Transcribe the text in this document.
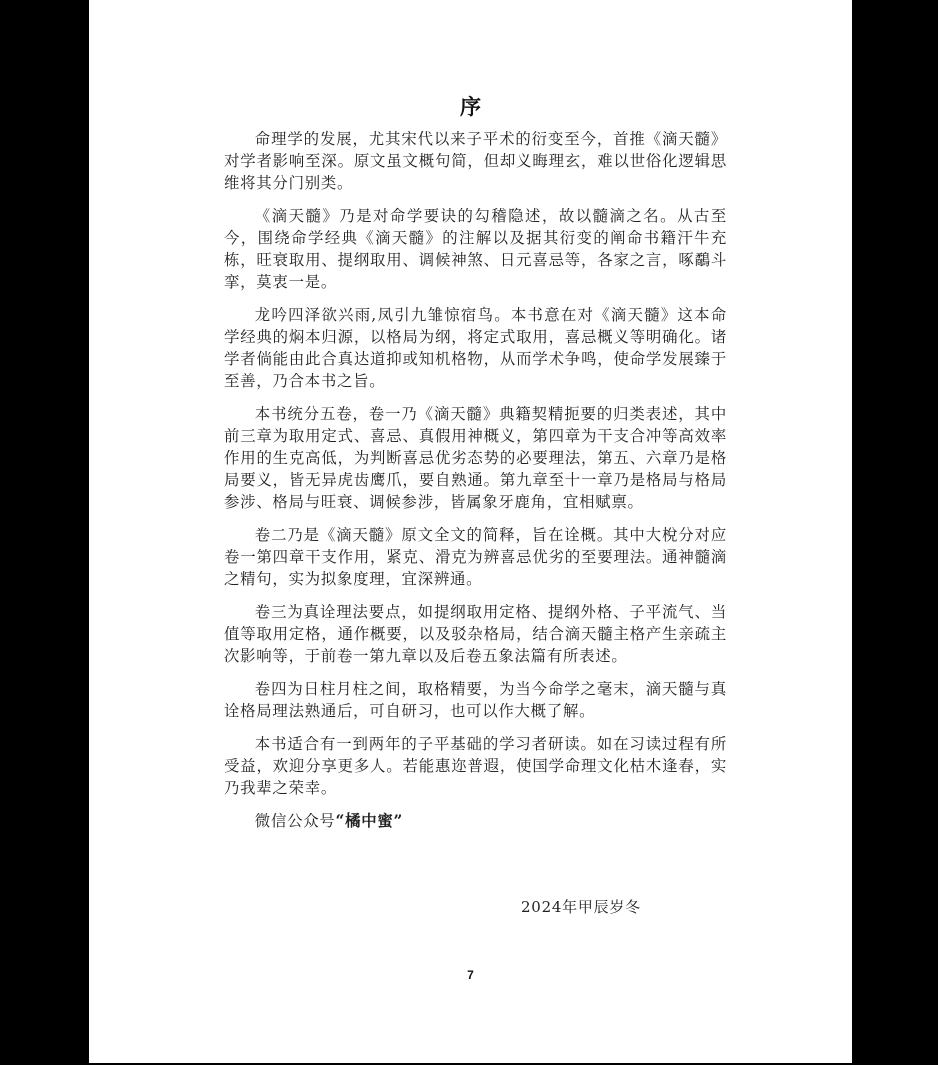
序

命理学的发展，尤其宋代以来子平术的衍变至今，首推《滴天髓》对学者影响至深。原文虽文概句简，但却义晦理玄，难以世俗化逻辑思维将其分门别类。

《滴天髓》乃是对命学要诀的勾稽隐述，故以髓滴之名。从古至今，围绕命学经典《滴天髓》的注解以及据其衍变的阐命书籍汗牛充栋，旺衰取用、提纲取用、调候神煞、日元喜忌等，各家之言，啄鷸斗挛，莫衷一是。

龙吟四泽欲兴雨,凤引九雏惊宿鸟。本书意在对《滴天髓》这本命学经典的焖本归源，以格局为纲，将定式取用，喜忌概义等明确化。诸学者倘能由此合真达道抑或知机格物，从而学术争鸣，使命学发展臻于至善，乃合本书之旨。

本书统分五卷，卷一乃《滴天髓》典籍契精扼要的归类表述，其中前三章为取用定式、喜忌、真假用神概义，第四章为干支合冲等高效率作用的生克高低，为判断喜忌优劣态势的必要理法，第五、六章乃是格局要义，皆无异虎齿鹰爪，要自熟通。第九章至十一章乃是格局与格局参涉、格局与旺衰、调候参涉，皆属象牙鹿角，宜相赋禀。

卷二乃是《滴天髓》原文全文的简释，旨在诠概。其中大梲分对应卷一第四章干支作用，紧克、滑克为辨喜忌优劣的至要理法。通神髓滴之精句，实为拟象度理，宜深辨通。

卷三为真诠理法要点，如提纲取用定格、提纲外格、子平流气、当值等取用定格，通作概要，以及驳杂格局，结合滴天髓主格产生亲疏主次影响等，于前卷一第九章以及后卷五象法篇有所表述。

卷四为日柱月柱之间，取格精要，为当今命学之毫末，滴天髓与真诠格局理法熟通后，可自研习，也可以作大概了解。

本书适合有一到两年的子平基础的学习者研读。如在习读过程有所受益，欢迎分享更多人。若能惠迩普遐，使国学命理文化枯木逢春，实乃我辈之荣幸。

微信公众号“橘中蜜”

2024年甲辰岁冬
7
